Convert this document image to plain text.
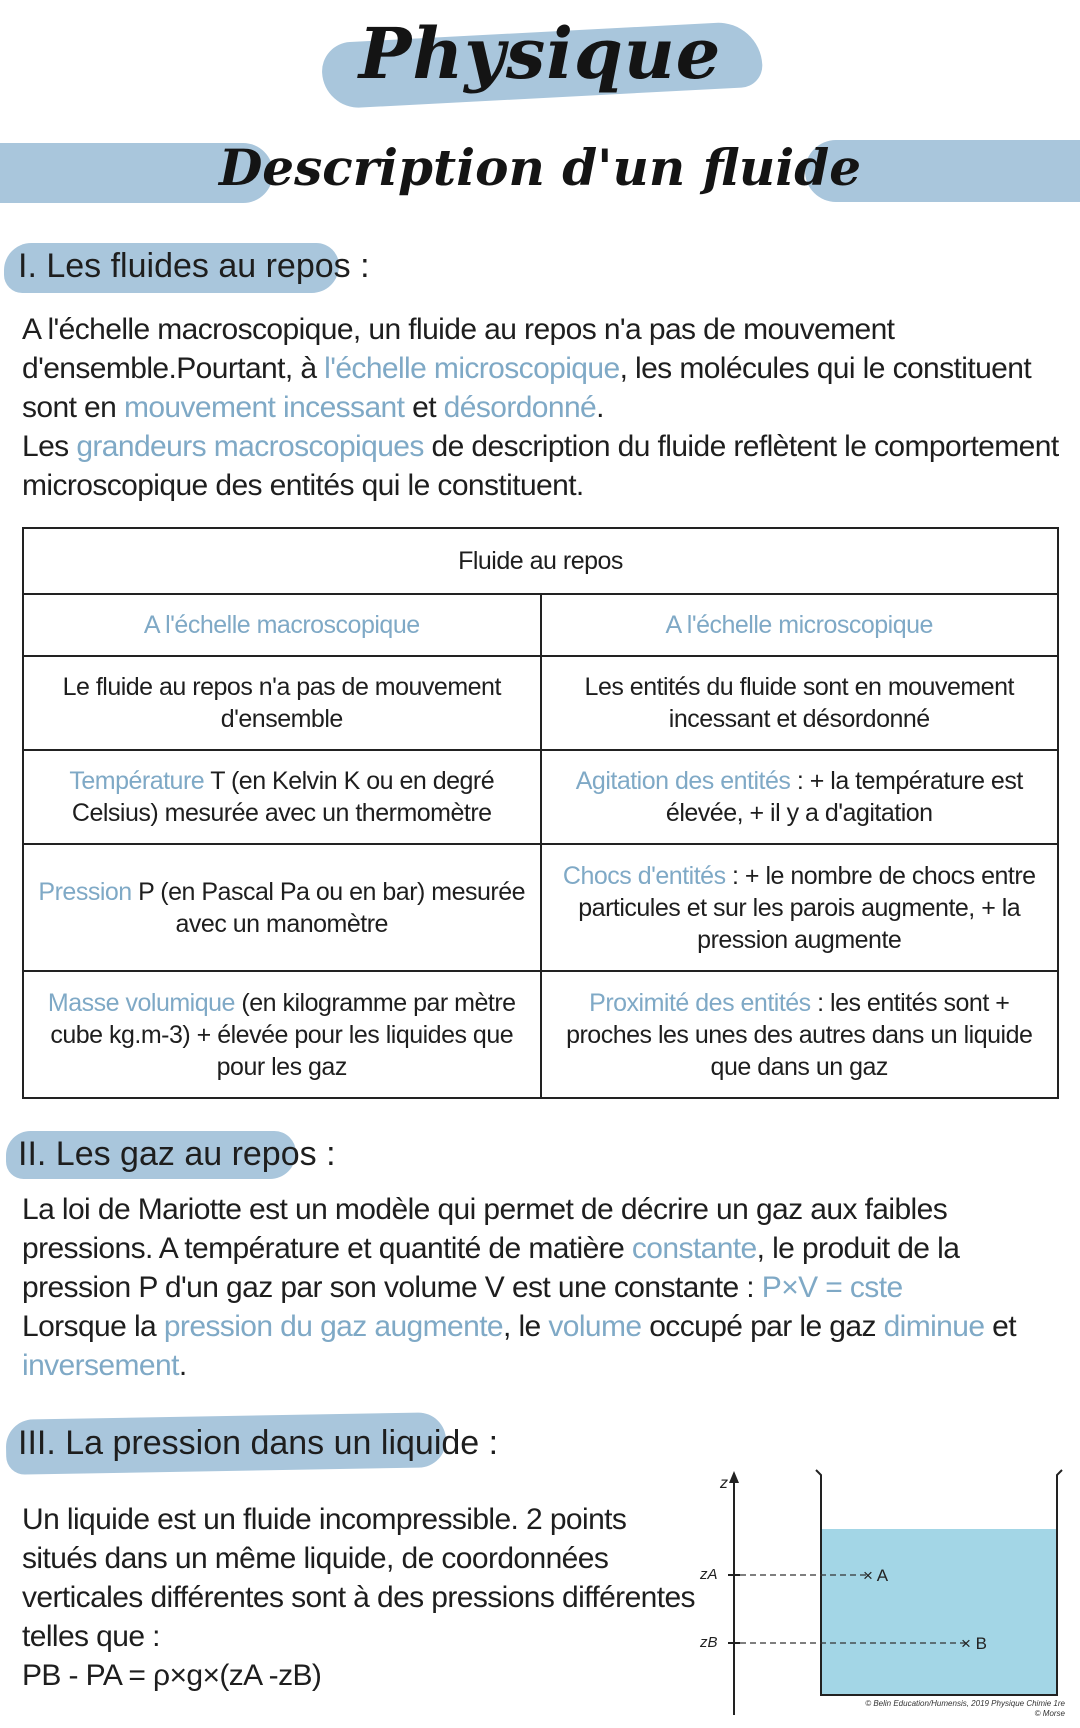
Physique
Description d'un fluide
I. Les fluides au repos :
A l'échelle macroscopique, un fluide au repos n'a pas de mouvement d'ensemble.Pourtant, à l'échelle microscopique, les molécules qui le constituent sont en mouvement incessant et désordonné.
Les grandeurs macroscopiques de description du fluide reflètent le comportement microscopique des entités qui le constituent.
Fluide au repos	
A l'échelle macroscopique	A l'échelle microscopique
Le fluide au repos n'a pas de mouvement d'ensemble	Les entités du fluide sont en mouvement incessant et désordonné
Température T (en Kelvin K ou en degré Celsius) mesurée avec un thermomètre	Agitation des entités : + la température est élevée, + il y a d'agitation
Pression P (en Pascal Pa ou en bar) mesurée avec un manomètre	Chocs d'entités : + le nombre de chocs entre particules et sur les parois augmente, + la pression augmente
Masse volumique (en kilogramme par mètre cube kg.m-3) + élevée pour les liquides que pour les gaz	Proximité des entités : les entités sont + proches les unes des autres dans un liquide que dans un gaz
II. Les gaz au repos :
La loi de Mariotte est un modèle qui permet de décrire un gaz aux faibles pressions. A température et quantité de matière constante, le produit de la pression P d'un gaz par son volume V est une constante : P×V = cste
Lorsque la pression du gaz augmente, le volume occupé par le gaz diminue et inversement.
III. La pression dans un liquide :
Un liquide est un fluide incompressible. 2 points situés dans un même liquide, de coordonnées verticales différentes sont à des pressions différentes telles que :
PB - PA = ρ×g×(zA -zB)
z
zA
zB
× A
× B
© Belin Education/Humensis, 2019 Physique Chimie 1re
© Morse
